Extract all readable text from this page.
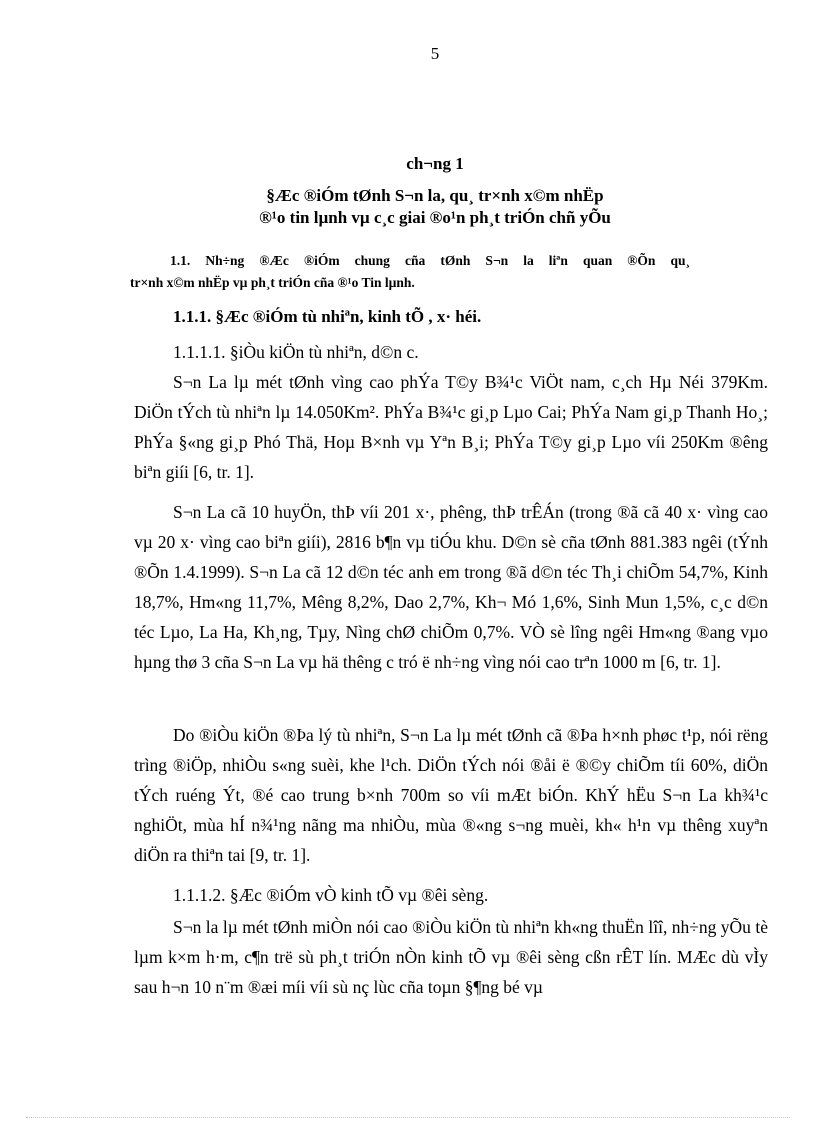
5
ch¬ng 1
§Æc ®iÓm tØnh S¬n la, qu¸ tr×nh x©m nhËp
®¹o tin lµnh vµ c¸c giai ®o¹n ph¸t triÓn chñ yÕu
1.1. Nh÷ng ®Æc ®iÓm chung cña tØnh S¬n la liªn quan ®Õn qu¸
tr×nh x©m nhËp vµ ph¸t triÓn cña ®¹o Tin lµnh.
1.1.1. §Æc ®iÓm tù nhiªn, kinh tÕ , x· héi.
1.1.1.1. §iÒu kiÖn tù nhiªn, d©n c.
S¬n La lµ mét tØnh vìng cao phÝa T©y B¾¹c ViÖt nam, c¸ch Hµ Néi 379Km. DiÖn tÝch tù nhiªn lµ 14.050Km². PhÝa B¾¹c gi¸p Lµo Cai; PhÝa Nam gi¸p Thanh Ho¸; PhÝa §«ng gi¸p Phó Thä, Hoµ B×nh vµ Yªn B¸i; PhÝa T©y gi¸p Lµo víi 250Km ®êng biªn giíi [6, tr. 1].
S¬n La cã 10 huyÖn, thÞ víi 201 x·, phêng, thÞ trÊÁn (trong ®ã cã 40 x· vìng cao vµ 20 x· vìng cao biªn giíi), 2816 b¶n vµ tiÓu khu. D©n sè cña tØnh 881.383 ngêi (tÝnh ®Õn 1.4.1999). S¬n La cã 12 d©n téc anh em trong ®ã d©n téc Th¸i chiÕm 54,7%, Kinh 18,7%, Hm«ng 11,7%, Mêng 8,2%, Dao 2,7%, Kh¬ Mó 1,6%, Sinh Mun 1,5%, c¸c d©n téc Lµo, La Ha, Kh¸ng, Tµy, Nìng chØ chiÕm 0,7%. VÒ sè lîng ngêi Hm«ng ®ang vµo hµng thø 3 cña S¬n La vµ hä thêng c tró ë nh÷ng vìng nói cao trªn 1000 m [6, tr. 1].
Do ®iÒu kiÖn ®Þa lý tù nhiªn, S¬n La lµ mét tØnh cã ®Þa h×nh phøc t¹p, nói rëng trìng ®iÖp, nhiÒu s«ng suèi, khe l¹ch. DiÖn tÝch nói ®åi ë ®©y chiÕm tíi 60%, diÖn tÝch ruéng Ýt, ®é cao trung b×nh 700m so víi mÆt biÓn. KhÝ hËu S¬n La kh¾¹c nghiÖt, mùa hÍ n¾¹ng nãng ma nhiÒu, mùa ®«ng s¬ng muèi, kh« h¹n vµ thêng xuyªn diÖn ra thiªn tai [9, tr. 1].
1.1.1.2. §Æc ®iÓm vÒ kinh tÕ vµ ®êi sèng.
S¬n la lµ mét tØnh miÒn nói cao ®iÒu kiÖn tù nhiªn kh«ng thuËn lîî, nh÷ng yÕu tè lµm k×m h·m, c¶n trë sù ph¸t triÓn nÒn kinh tÕ vµ ®êi sèng cßn rÊT lín. MÆc dù vÌy sau h¬n 10 n¨m ®æi míi víi sù nç lùc cña toµn §¶ng bé vµ
